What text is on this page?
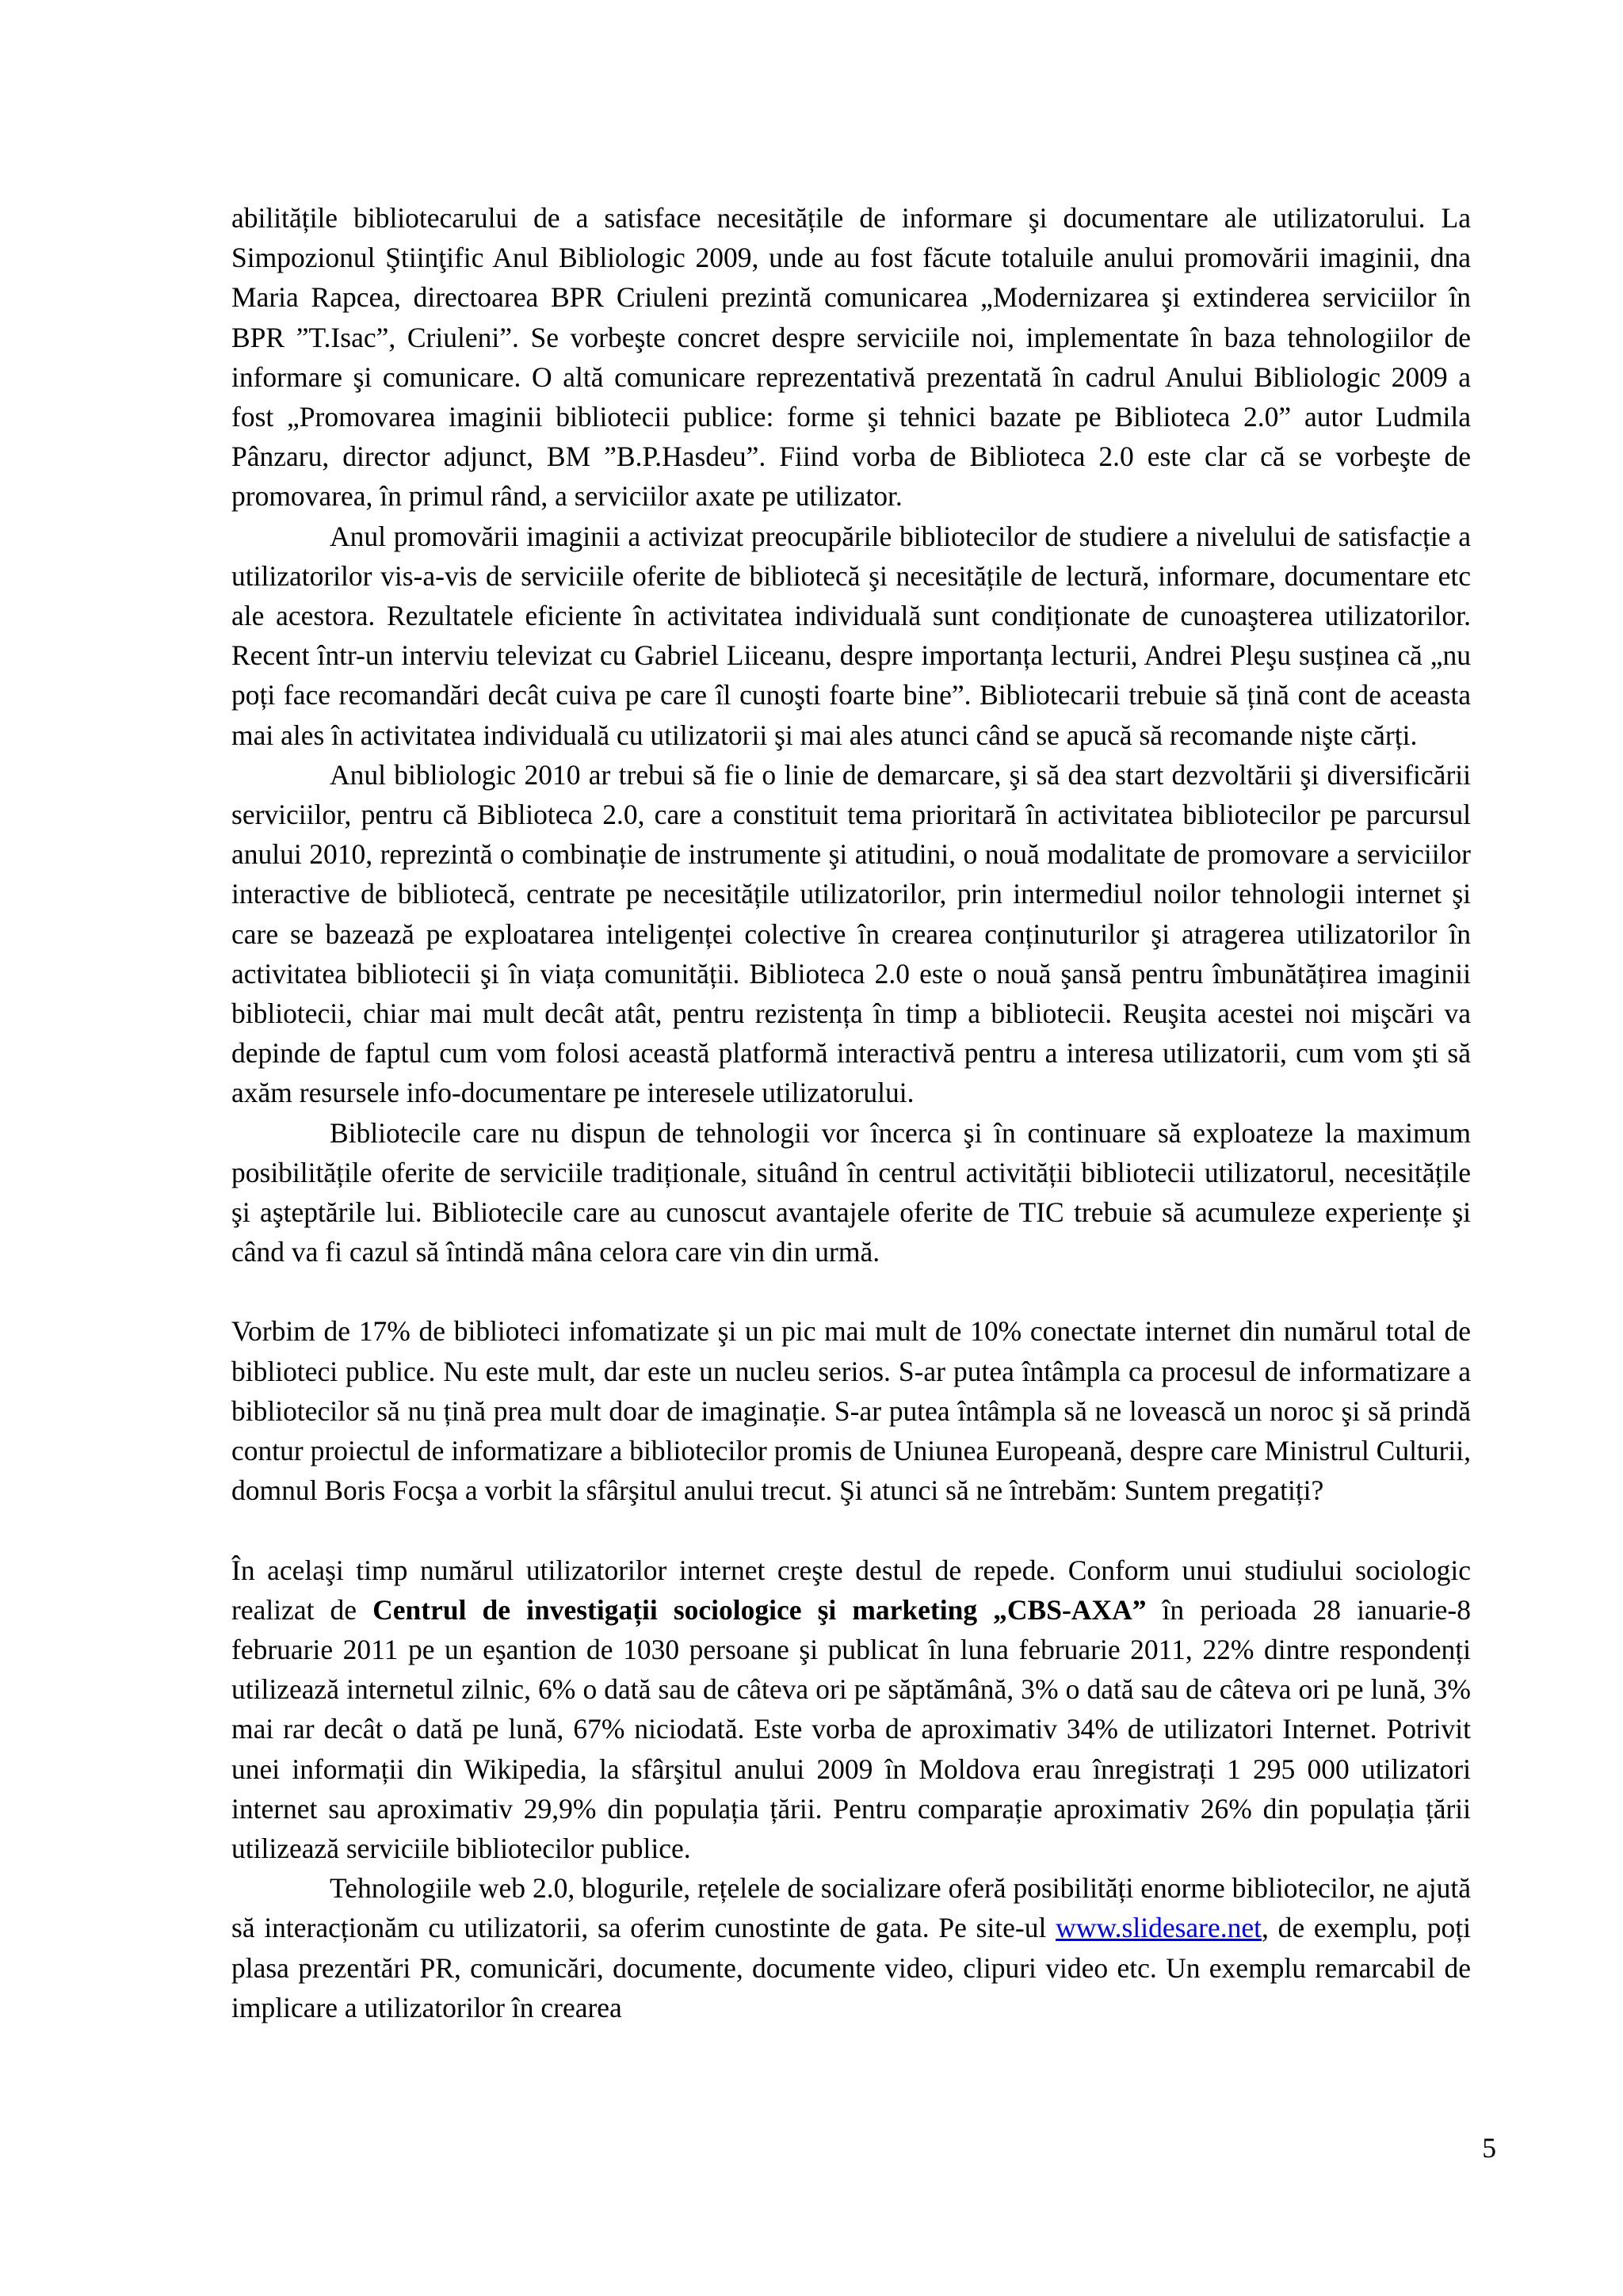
abilitățile bibliotecarului de a satisface necesitățile de informare şi documentare ale utilizatorului. La Simpozionul Ştiinţific Anul Bibliologic 2009, unde au fost făcute totaluile anului promovării imaginii, dna Maria Rapcea, directoarea BPR Criuleni prezintă comunicarea „Modernizarea şi extinderea serviciilor în BPR ”T.Isac”, Criuleni”. Se vorbeşte concret despre serviciile noi, implementate în baza tehnologiilor de informare şi comunicare. O altă comunicare reprezentativă prezentată în cadrul Anului Bibliologic 2009 a fost „Promovarea imaginii bibliotecii publice: forme şi tehnici bazate pe Biblioteca 2.0” autor Ludmila Pânzaru, director adjunct, BM ”B.P.Hasdeu”. Fiind vorba de Biblioteca 2.0 este clar că se vorbeşte de promovarea, în primul rând, a serviciilor axate pe utilizator.

Anul promovării imaginii a activizat preocupările bibliotecilor de studiere a nivelului de satisfacție a utilizatorilor vis-a-vis de serviciile oferite de bibliotecă şi necesitățile de lectură, informare, documentare etc ale acestora. Rezultatele eficiente în activitatea individuală sunt condiționate de cunoaşterea utilizatorilor. Recent într-un interviu televizat cu Gabriel Liiceanu, despre importanța lecturii, Andrei Pleşu susținea că „nu poți face recomandări decât cuiva pe care îl cunoşti foarte bine”. Bibliotecarii trebuie să țină cont de aceasta mai ales în activitatea individuală cu utilizatorii şi mai ales atunci când se apucă să recomande nişte cărți.

Anul bibliologic 2010 ar trebui să fie o linie de demarcare, şi să dea start dezvoltării şi diversificării serviciilor, pentru că Biblioteca 2.0, care a constituit tema prioritară în activitatea bibliotecilor pe parcursul anului 2010, reprezintă o combinație de instrumente şi atitudini, o nouă modalitate de promovare a serviciilor interactive de bibliotecă, centrate pe necesitățile utilizatorilor, prin intermediul noilor tehnologii internet şi care se bazează pe exploatarea inteligenței colective în crearea conținuturilor şi atragerea utilizatorilor în activitatea bibliotecii şi în viața comunității. Biblioteca 2.0 este o nouă şansă pentru îmbunătățirea imaginii bibliotecii, chiar mai mult decât atât, pentru rezistența în timp a bibliotecii. Reuşita acestei noi mişcări va depinde de faptul cum vom folosi această platformă interactivă pentru a interesa utilizatorii, cum vom şti să axăm resursele info-documentare pe interesele utilizatorului.

Bibliotecile care nu dispun de tehnologii vor încerca şi în continuare să exploateze la maximum posibilitățile oferite de serviciile tradiționale, situând în centrul activității bibliotecii utilizatorul, necesitățile şi aşteptările lui. Bibliotecile care au cunoscut avantajele oferite de TIC trebuie să acumuleze experiențe şi când va fi cazul să întindă mâna celora care vin din urmă.

Vorbim de 17% de biblioteci infomatizate şi un pic mai mult de 10% conectate internet din numărul total de biblioteci publice. Nu este mult, dar este un nucleu serios. S-ar putea întâmpla ca procesul de informatizare a bibliotecilor să nu țină prea mult doar de imaginație. S-ar putea întâmpla să ne lovească un noroc şi să prindă contur proiectul de informatizare a bibliotecilor promis de Uniunea Europeană, despre care Ministrul Culturii, domnul Boris Focşa a vorbit la sfârşitul anului trecut. Şi atunci să ne întrebăm: Suntem pregatiți?

În acelaşi timp numărul utilizatorilor internet creşte destul de repede. Conform unui studiului sociologic realizat de Centrul de investigații sociologice şi marketing „CBS-AXA” în perioada 28 ianuarie-8 februarie 2011 pe un eşantion de 1030 persoane şi publicat în luna februarie 2011, 22% dintre respondenți utilizează internetul zilnic, 6% o dată sau de câteva ori pe săptămână, 3% o dată sau de câteva ori pe lună, 3% mai rar decât o dată pe lună, 67% niciodată. Este vorba de aproximativ 34% de utilizatori Internet. Potrivit unei informații din Wikipedia, la sfârşitul anului 2009 în Moldova erau înregistrați 1 295 000 utilizatori internet sau aproximativ 29,9% din populația țării. Pentru comparație aproximativ 26% din populația țării utilizează serviciile bibliotecilor publice.

Tehnologiile web 2.0, blogurile, rețelele de socializare oferă posibilități enorme bibliotecilor, ne ajută să interacționăm cu utilizatorii, sa oferim cunostinte de gata. Pe site-ul www.slidesare.net, de exemplu, poți plasa prezentări PR, comunicări, documente, documente video, clipuri video etc. Un exemplu remarcabil de implicare a utilizatorilor în crearea

5
